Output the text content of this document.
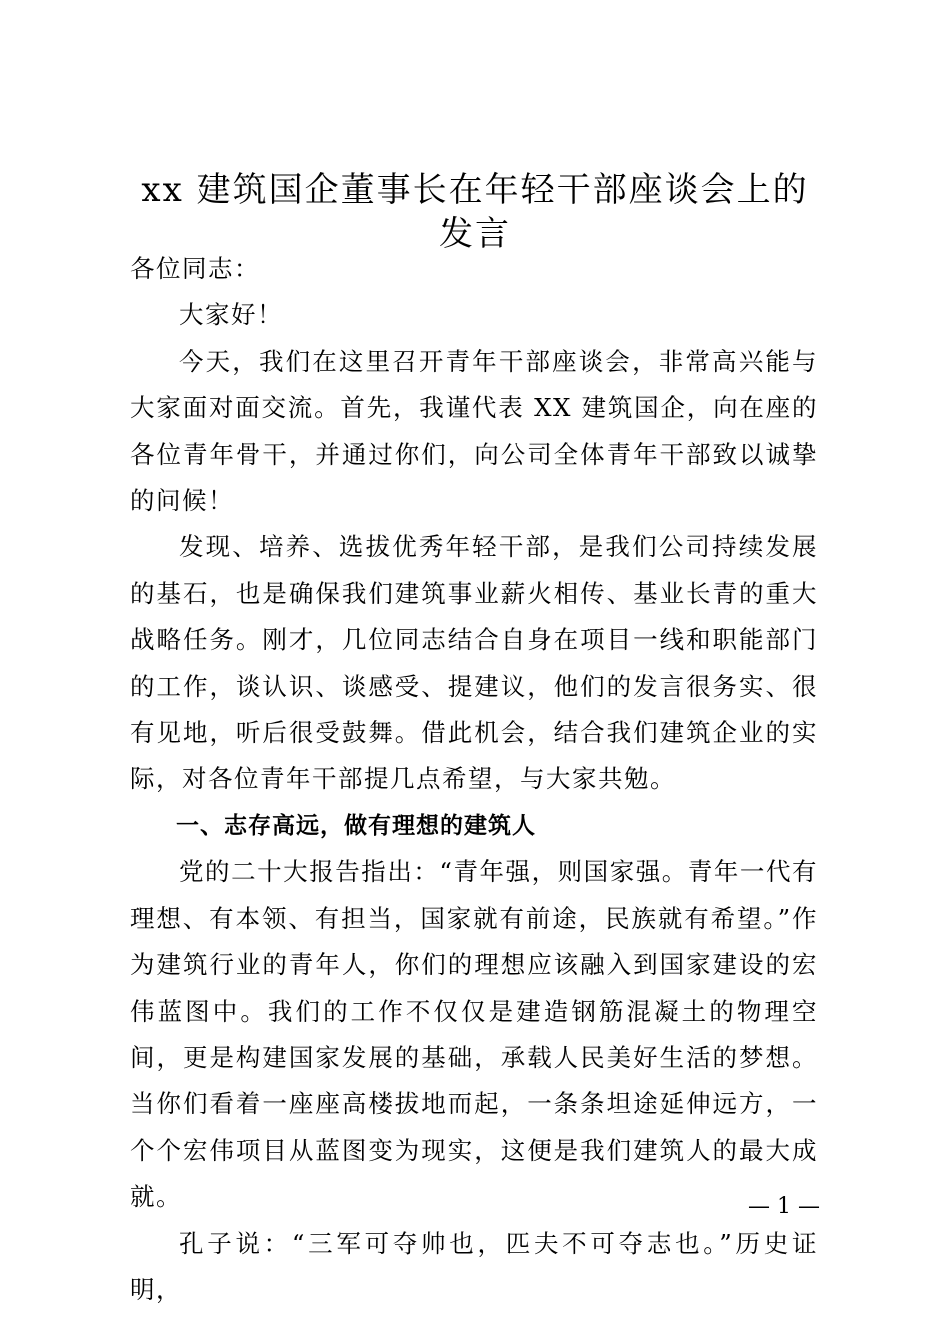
xx 建筑国企董事长在年轻干部座谈会上的发言

各位同志：

大家好！

今天，我们在这里召开青年干部座谈会，非常高兴能与大家面对面交流。首先，我谨代表 XX 建筑国企，向在座的各位青年骨干，并通过你们，向公司全体青年干部致以诚挚的问候！

发现、培养、选拔优秀年轻干部，是我们公司持续发展的基石，也是确保我们建筑事业薪火相传、基业长青的重大战略任务。刚才，几位同志结合自身在项目一线和职能部门的工作，谈认识、谈感受、提建议，他们的发言很务实、很有见地，听后很受鼓舞。借此机会，结合我们建筑企业的实际，对各位青年干部提几点希望，与大家共勉。

一、志存高远，做有理想的建筑人

党的二十大报告指出：“青年强，则国家强。青年一代有理想、有本领、有担当，国家就有前途，民族就有希望。”作为建筑行业的青年人，你们的理想应该融入到国家建设的宏伟蓝图中。我们的工作不仅仅是建造钢筋混凝土的物理空间，更是构建国家发展的基础，承载人民美好生活的梦想。当你们看着一座座高楼拔地而起，一条条坦途延伸远方，一个个宏伟项目从蓝图变为现实，这便是我们建筑人的最大成就。

孔子说：“三军可夺帅也，匹夫不可夺志也。”历史证明，

— 1 —
